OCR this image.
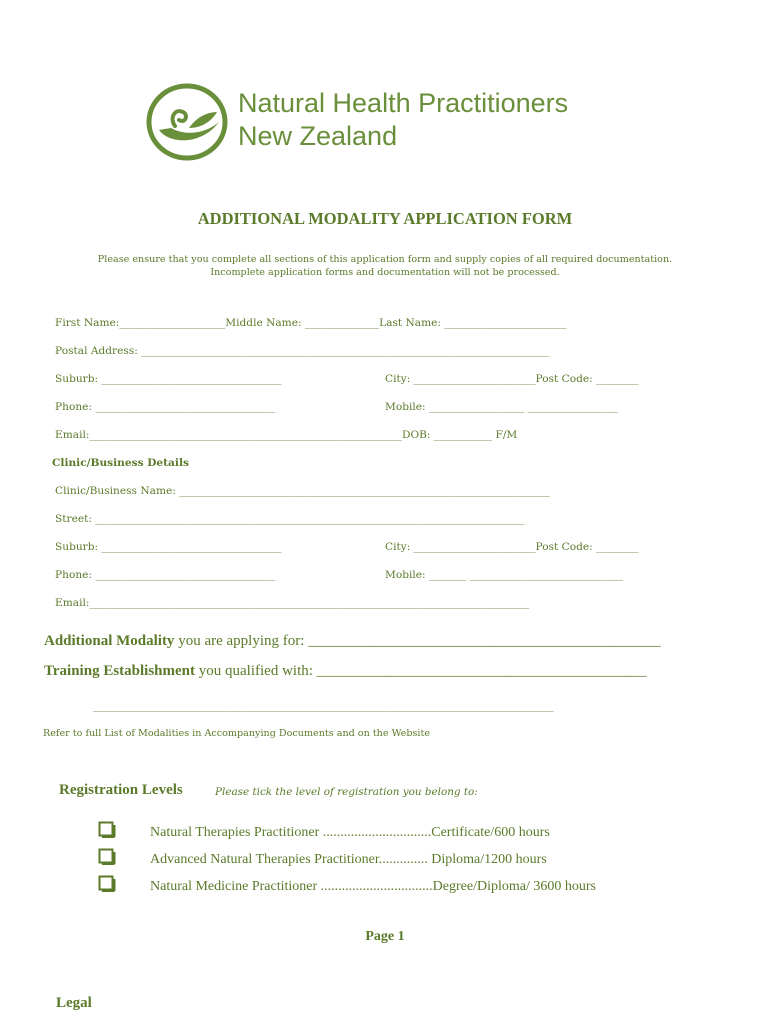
Natural Health Practitioners
New Zealand
ADDITIONAL MODALITY APPLICATION FORM
Please ensure that you complete all sections of this application form and supply copies of all required documentation.
Incomplete application forms and documentation will not be processed.
First Name:____________________Middle Name: ______________Last Name: _______________________
Postal Address: _____________________________________________________________________________
Suburb: __________________________________	City: _______________________Post Code: ________
Phone: __________________________________	Mobile: __________________ _________________
Email:___________________________________________________________DOB: ___________ F/M
Clinic/Business Details
Clinic/Business Name: ______________________________________________________________________
Street: _________________________________________________________________________________
Suburb: __________________________________	City: _______________________Post Code: ________
Phone: __________________________________	Mobile: _______ _____________________________
Email:___________________________________________________________________________________
Additional Modality you are applying for: _______________________________________________
Training Establishment you qualified with: ____________________________________________
_______________________________________________________________________________________
Refer to full List of Modalities in Accompanying Documents and on the Website
Registration Levels	Please tick the level of registration you belong to:
Natural Therapies Practitioner ...............................Certificate/600 hours
Advanced Natural Therapies Practitioner.............. Diploma/1200 hours
Natural Medicine Practitioner ................................Degree/Diploma/ 3600 hours
Page 1
Legal
